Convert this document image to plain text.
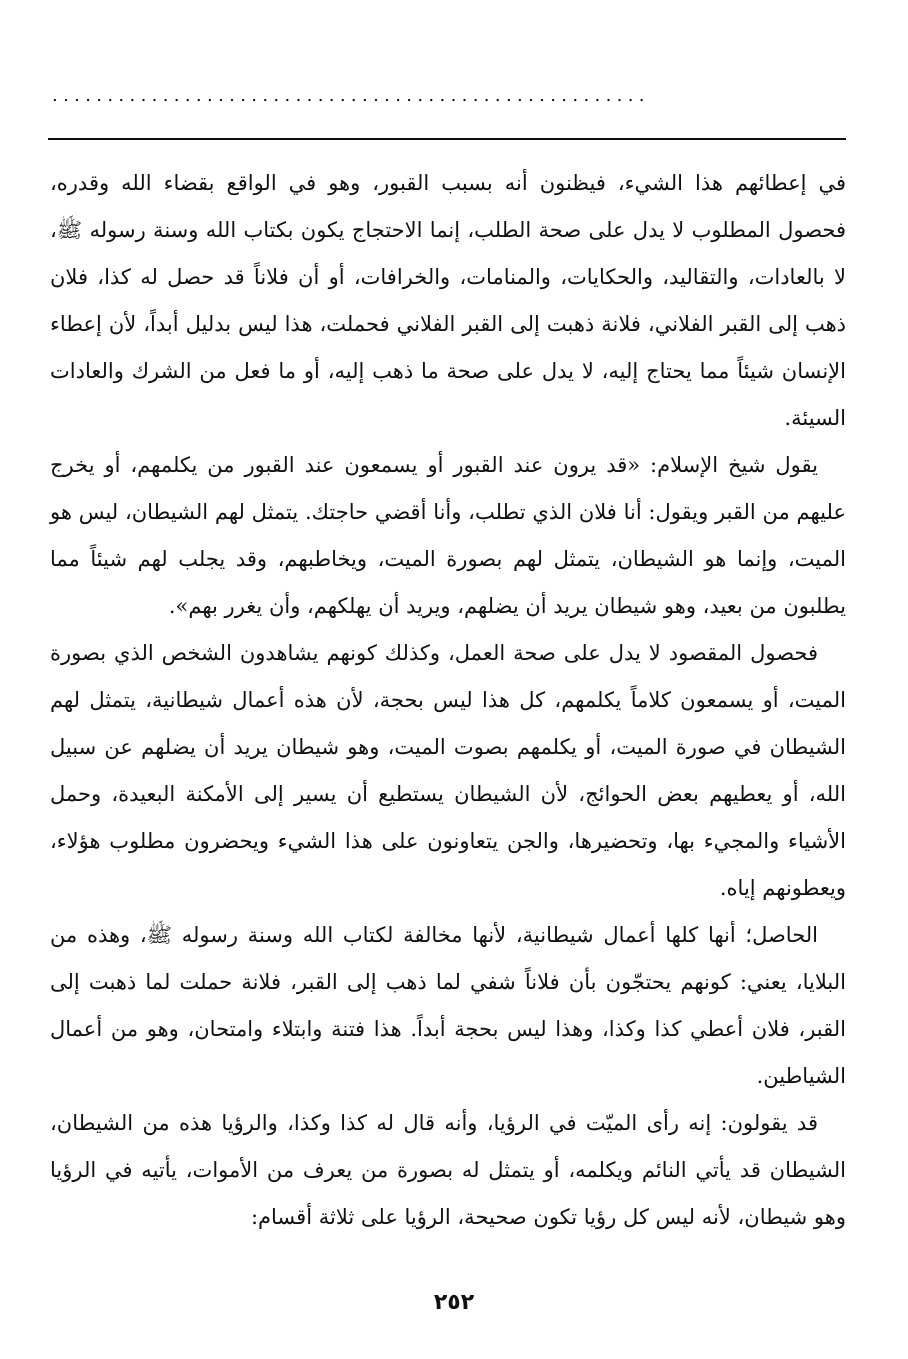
......................................................

في إعطائهم هذا الشيء، فيظنون أنه بسبب القبور، وهو في الواقع بقضاء الله وقدره، فحصول المطلوب لا يدل على صحة الطلب، إنما الاحتجاج يكون بكتاب الله وسنة رسوله ﷺ، لا بالعادات، والتقاليد، والحكايات، والمنامات، والخرافات، أو أن فلاناً قد حصل له كذا، فلان ذهب إلى القبر الفلاني، فلانة ذهبت إلى القبر الفلاني فحملت، هذا ليس بدليل أبداً، لأن إعطاء الإنسان شيئاً مما يحتاج إليه، لا يدل على صحة ما ذهب إليه، أو ما فعل من الشرك والعادات السيئة.

يقول شيخ الإسلام: «قد يرون عند القبور أو يسمعون عند القبور من يكلمهم، أو يخرج عليهم من القبر ويقول: أنا فلان الذي تطلب، وأنا أقضي حاجتك. يتمثل لهم الشيطان، ليس هو الميت، وإنما هو الشيطان، يتمثل لهم بصورة الميت، ويخاطبهم، وقد يجلب لهم شيئاً مما يطلبون من بعيد، وهو شيطان يريد أن يضلهم، ويريد أن يهلكهم، وأن يغرر بهم».

فحصول المقصود لا يدل على صحة العمل، وكذلك كونهم يشاهدون الشخص الذي بصورة الميت، أو يسمعون كلاماً يكلمهم، كل هذا ليس بحجة، لأن هذه أعمال شيطانية، يتمثل لهم الشيطان في صورة الميت، أو يكلمهم بصوت الميت، وهو شيطان يريد أن يضلهم عن سبيل الله، أو يعطيهم بعض الحوائج، لأن الشيطان يستطيع أن يسير إلى الأمكنة البعيدة، وحمل الأشياء والمجيء بها، وتحضيرها، والجن يتعاونون على هذا الشيء ويحضرون مطلوب هؤلاء، ويعطونهم إياه.

الحاصل؛ أنها كلها أعمال شيطانية، لأنها مخالفة لكتاب الله وسنة رسوله ﷺ، وهذه من البلايا، يعني: كونهم يحتجّون بأن فلاناً شفي لما ذهب إلى القبر، فلانة حملت لما ذهبت إلى القبر، فلان أعطي كذا وكذا، وهذا ليس بحجة أبداً. هذا فتنة وابتلاء وامتحان، وهو من أعمال الشياطين.

قد يقولون: إنه رأى الميّت في الرؤيا، وأنه قال له كذا وكذا، والرؤيا هذه من الشيطان، الشيطان قد يأتي النائم ويكلمه، أو يتمثل له بصورة من يعرف من الأموات، يأتيه في الرؤيا وهو شيطان، لأنه ليس كل رؤيا تكون صحيحة، الرؤيا على ثلاثة أقسام:

٢٥٢
